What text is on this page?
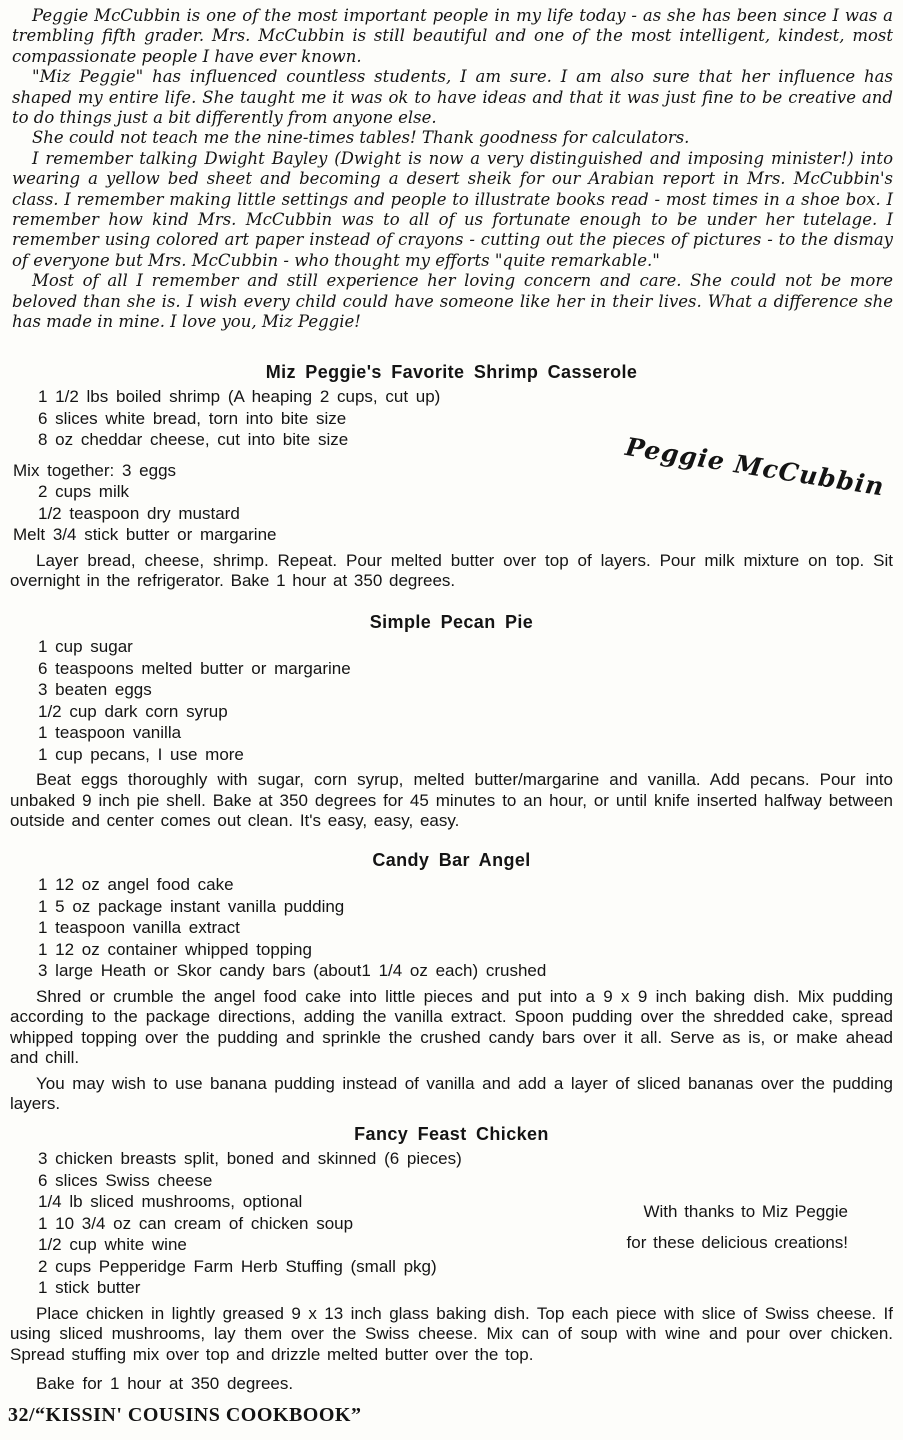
Peggie McCubbin is one of the most important people in my life today - as she has been since I was a trembling fifth grader. Mrs. McCubbin is still beautiful and one of the most intelligent, kindest, most compassionate people I have ever known.

"Miz Peggie" has influenced countless students, I am sure. I am also sure that her influence has shaped my entire life. She taught me it was ok to have ideas and that it was just fine to be creative and to do things just a bit differently from anyone else.

She could not teach me the nine-times tables! Thank goodness for calculators.

I remember talking Dwight Bayley (Dwight is now a very distinguished and imposing minister!) into wearing a yellow bed sheet and becoming a desert sheik for our Arabian report in Mrs. McCubbin's class. I remember making little settings and people to illustrate books read - most times in a shoe box. I remember how kind Mrs. McCubbin was to all of us fortunate enough to be under her tutelage. I remember using colored art paper instead of crayons - cutting out the pieces of pictures - to the dismay of everyone but Mrs. McCubbin - who thought my efforts "quite remarkable."

Most of all I remember and still experience her loving concern and care. She could not be more beloved than she is. I wish every child could have someone like her in their lives. What a difference she has made in mine. I love you, Miz Peggie!

Miz Peggie's Favorite Shrimp Casserole
1 1/2 lbs boiled shrimp (A heaping 2 cups, cut up)
6 slices white bread, torn into bite size
8 oz cheddar cheese, cut into bite size
Mix together: 3 eggs
2 cups milk
1/2 teaspoon dry mustard
Melt 3/4 stick butter or margarine

Layer bread, cheese, shrimp. Repeat. Pour melted butter over top of layers. Pour milk mixture on top. Sit overnight in the refrigerator. Bake 1 hour at 350 degrees.

Peggie McCubbin
Simple Pecan Pie
1 cup sugar
6 teaspoons melted butter or margarine
3 beaten eggs
1/2 cup dark corn syrup
1 teaspoon vanilla
1 cup pecans, I use more

Beat eggs thoroughly with sugar, corn syrup, melted butter/margarine and vanilla. Add pecans. Pour into unbaked 9 inch pie shell. Bake at 350 degrees for 45 minutes to an hour, or until knife inserted halfway between outside and center comes out clean. It's easy, easy, easy.

Candy Bar Angel
1 12 oz angel food cake
1 5 oz package instant vanilla pudding
1 teaspoon vanilla extract
1 12 oz container whipped topping
3 large Heath or Skor candy bars (about1 1/4 oz each) crushed

Shred or crumble the angel food cake into little pieces and put into a 9 x 9 inch baking dish. Mix pudding according to the package directions, adding the vanilla extract. Spoon pudding over the shredded cake, spread whipped topping over the pudding and sprinkle the crushed candy bars over it all. Serve as is, or make ahead and chill.

You may wish to use banana pudding instead of vanilla and add a layer of sliced bananas over the pudding layers.

Fancy Feast Chicken
3 chicken breasts split, boned and skinned (6 pieces)
6 slices Swiss cheese
1/4 lb sliced mushrooms, optional
1 10 3/4 oz can cream of chicken soup
1/2 cup white wine
2 cups Pepperidge Farm Herb Stuffing (small pkg)
1 stick butter

Place chicken in lightly greased 9 x 13 inch glass baking dish. Top each piece with slice of Swiss cheese. If using sliced mushrooms, lay them over the Swiss cheese. Mix can of soup with wine and pour over chicken. Spread stuffing mix over top and drizzle melted butter over the top.

Bake for 1 hour at 350 degrees.

With thanks to Miz Peggie
for these delicious creations!
32/“KISSIN' COUSINS COOKBOOK”
